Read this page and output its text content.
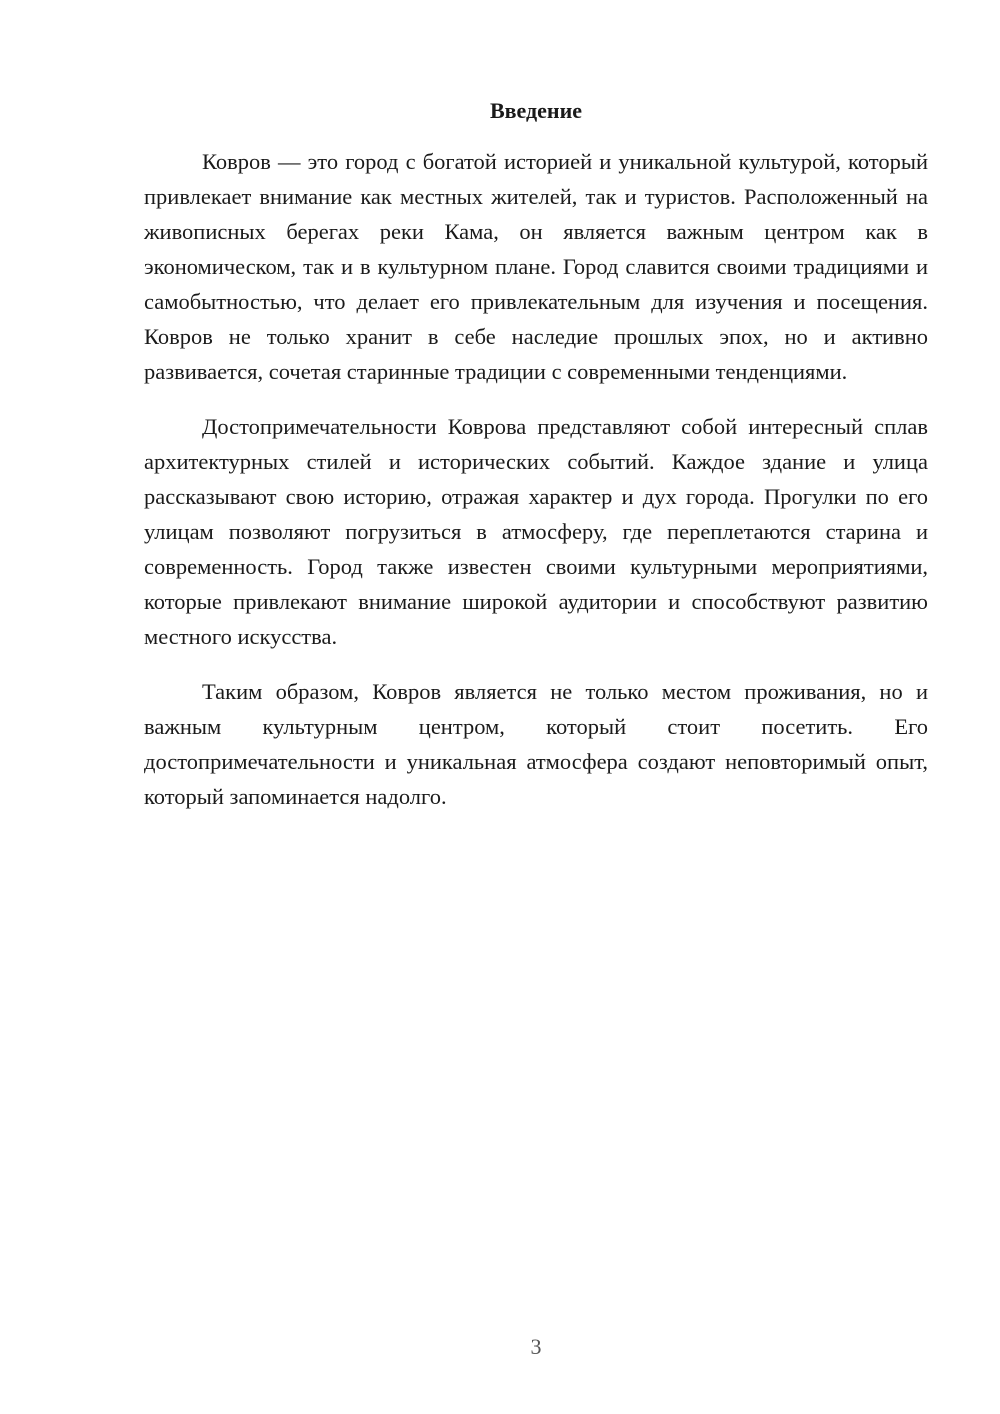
Введение

Ковров — это город с богатой историей и уникальной культурой, который привлекает внимание как местных жителей, так и туристов. Расположенный на живописных берегах реки Кама, он является важным центром как в экономическом, так и в культурном плане. Город славится своими традициями и самобытностью, что делает его привлекательным для изучения и посещения. Ковров не только хранит в себе наследие прошлых эпох, но и активно развивается, сочетая старинные традиции с современными тенденциями.

Достопримечательности Коврова представляют собой интересный сплав архитектурных стилей и исторических событий. Каждое здание и улица рассказывают свою историю, отражая характер и дух города. Прогулки по его улицам позволяют погрузиться в атмосферу, где переплетаются старина и современность. Город также известен своими культурными мероприятиями, которые привлекают внимание широкой аудитории и способствуют развитию местного искусства.

Таким образом, Ковров является не только местом проживания, но и важным культурным центром, который стоит посетить. Его достопримечательности и уникальная атмосфера создают неповторимый опыт, который запоминается надолго.

3
